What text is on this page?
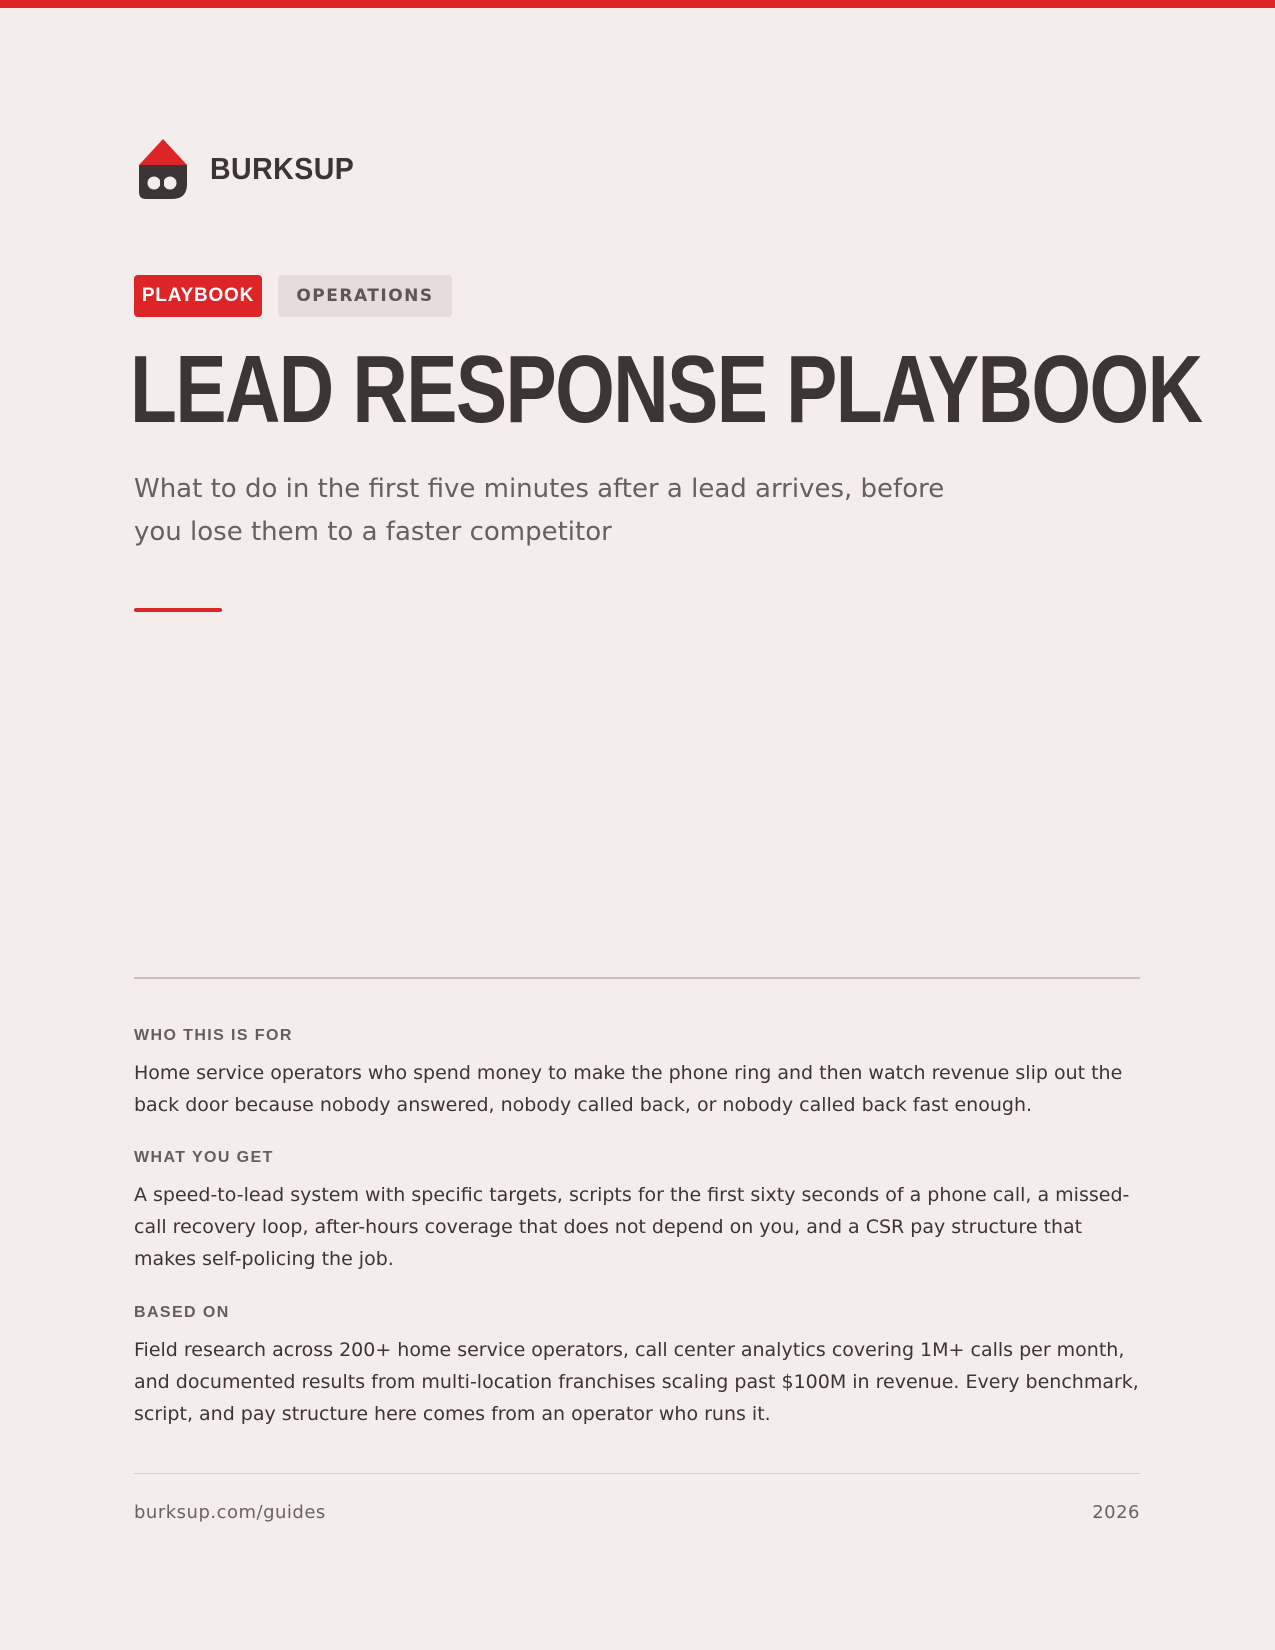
BURKSUP
PLAYBOOK	OPERATIONS
LEAD RESPONSE PLAYBOOK

What to do in the first five minutes after a lead arrives, before you lose them to a faster competitor

WHO THIS IS FOR

Home service operators who spend money to make the phone ring and then watch revenue slip out the back door because nobody answered, nobody called back, or nobody called back fast enough.

WHAT YOU GET

A speed-to-lead system with specific targets, scripts for the first sixty seconds of a phone call, a missed-call recovery loop, after-hours coverage that does not depend on you, and a CSR pay structure that makes self-policing the job.

BASED ON

Field research across 200+ home service operators, call center analytics covering 1M+ calls per month, and documented results from multi-location franchises scaling past $100M in revenue. Every benchmark, script, and pay structure here comes from an operator who runs it.

burksup.com/guides	2026
